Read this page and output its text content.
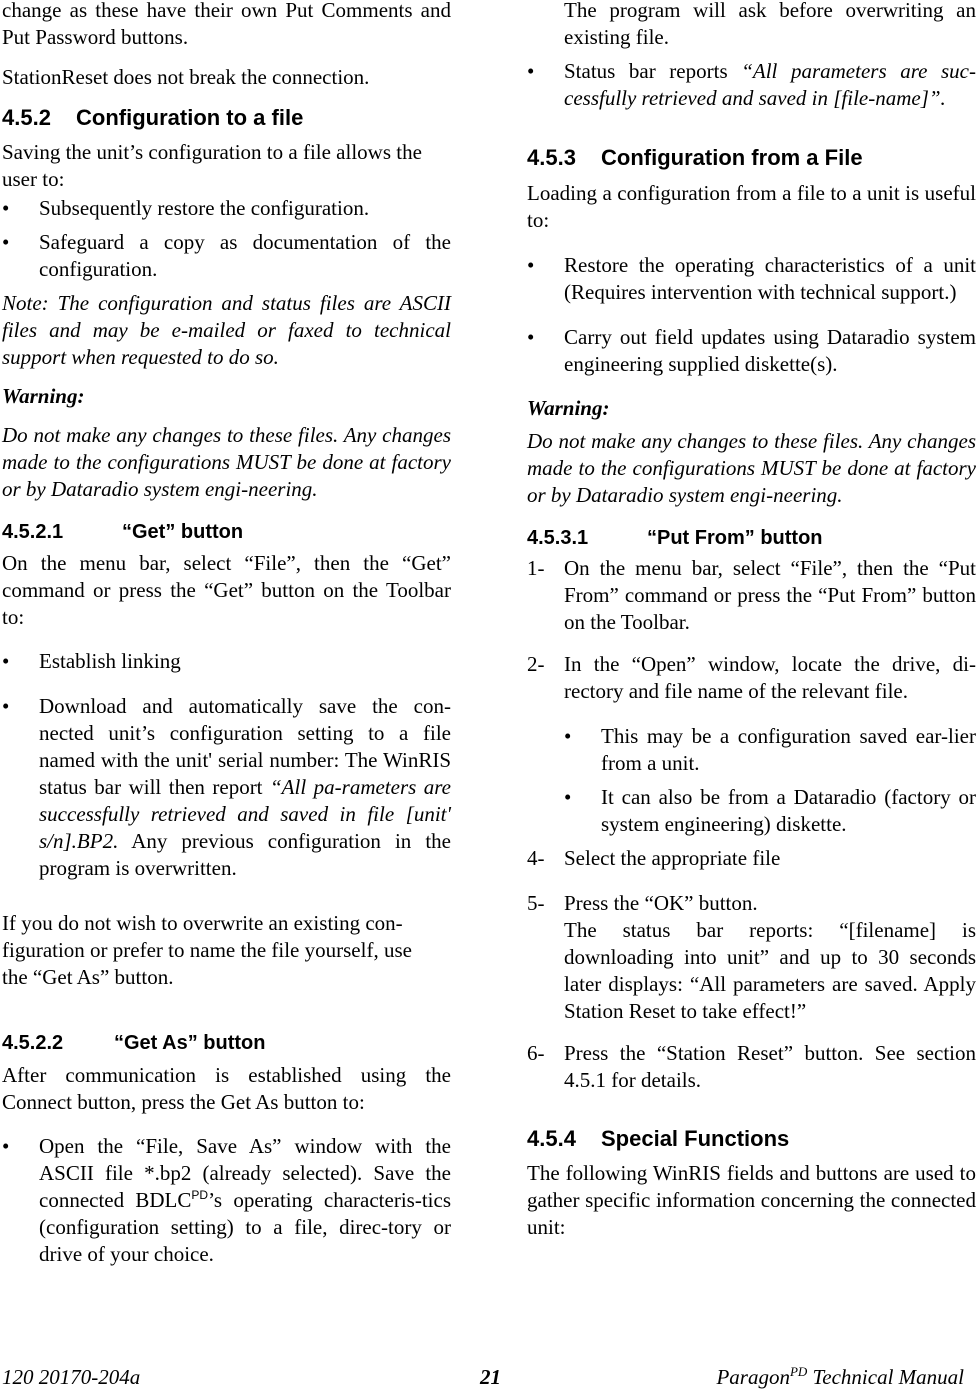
change as these have their own Put Comments and Put Password buttons.

StationReset does not break the connection.

4.5.2	Configuration to a file

Saving the unit’s configuration to a file allows the user to:

•	Subsequently restore the configuration.
•	Safeguard a copy as documentation of the configuration.

Note: The configuration and status files are ASCII files and may be e-mailed or faxed to technical support when requested to do so.

Warning:

Do not make any changes to these files. Any changes made to the configurations MUST be done at factory or by Dataradio system engi-neering.

4.5.2.1	“Get” button

On the menu bar, select “File”, then the “Get” command or press the “Get” button on the Toolbar to:

•	Establish linking
•	Download and automatically save the con-nected unit’s configuration setting to a file named with the unit' serial number: The WinRIS status bar will then report “All pa-rameters are successfully retrieved and saved in file [unit' s/n].BP2. Any previous configuration in the program is overwritten.

If you do not wish to overwrite an existing con-figuration or prefer to name the file yourself, use the “Get As” button.

4.5.2.2	“Get As” button

After communication is established using the Connect button, press the Get As button to:

•	Open the “File, Save As” window with the ASCII file *.bp2 (already selected). Save the connected $BDLC^{PD}’s$ operating characteris-tics (configuration setting) to a file, direc-tory or drive of your choice.

The program will ask before overwriting an existing file.

•	Status bar reports “All parameters are suc-cessfully retrieved and saved in [file-name]”.
4.5.3	Configuration from a File

Loading a configuration from a file to a unit is useful to:

•	Restore the operating characteristics of a unit (Requires intervention with technical support.)
•	Carry out field updates using Dataradio system engineering supplied diskette(s).

Warning:

Do not make any changes to these files. Any changes made to the configurations MUST be done at factory or by Dataradio system engi-neering.

4.5.3.1	“Put From” button
1- On the menu bar, select “File”, then the “Put From” command or press the “Put From” button on the Toolbar.
2- In the “Open” window, locate the drive, di-rectory and file name of the relevant file.
•	This may be a configuration saved ear-lier from a unit.
•	It can also be from a Dataradio (factory or system engineering) diskette.
4- Select the appropriate file
5- Press the “OK” button.
The status bar reports: “[filename] is downloading into unit” and up to 30 seconds later displays: “All parameters are saved. Apply Station Reset to take effect!”
6- Press the “Station Reset” button. See section 4.5.1 for details.
4.5.4	Special Functions

The following WinRIS fields and buttons are used to gather specific information concerning the connected unit:

120 20170-204a	21	Paragon$^{PD}$ Technical Manual
